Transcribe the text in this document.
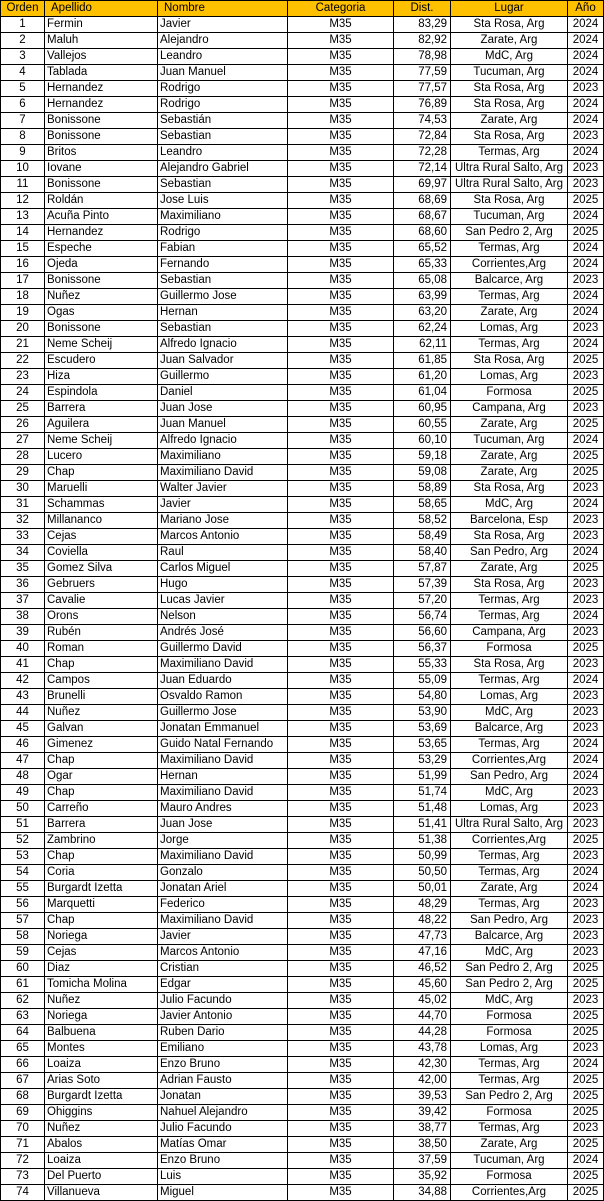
Orden	Apellido	Nombre	Categoria	Dist.	Lugar	Año
1	Fermin	Javier	M35	83,29	Sta Rosa, Arg	2024
2	Maluh	Alejandro	M35	82,92	Zarate, Arg	2024
3	Vallejos	Leandro	M35	78,98	MdC, Arg	2024
4	Tablada	Juan Manuel	M35	77,59	Tucuman, Arg	2024
5	Hernandez	Rodrigo	M35	77,57	Sta Rosa, Arg	2023
6	Hernandez	Rodrigo	M35	76,89	Sta Rosa, Arg	2024
7	Bonissone	Sebastián	M35	74,53	Zarate, Arg	2024
8	Bonissone	Sebastian	M35	72,84	Sta Rosa, Arg	2023
9	Britos	Leandro	M35	72,28	Termas, Arg	2024
10	Iovane	Alejandro Gabriel	M35	72,14	Ultra Rural Salto, Arg	2023
11	Bonissone	Sebastian	M35	69,97	Ultra Rural Salto, Arg	2023
12	Roldán	Jose Luis	M35	68,69	Sta Rosa, Arg	2025
13	Acuña Pinto	Maximiliano	M35	68,67	Tucuman, Arg	2024
14	Hernandez	Rodrigo	M35	68,60	San Pedro 2, Arg	2025
15	Espeche	Fabian	M35	65,52	Termas, Arg	2024
16	Ojeda	Fernando	M35	65,33	Corrientes,Arg	2024
17	Bonissone	Sebastian	M35	65,08	Balcarce, Arg	2023
18	Nuñez	Guillermo Jose	M35	63,99	Termas, Arg	2024
19	Ogas	Hernan	M35	63,20	Zarate, Arg	2024
20	Bonissone	Sebastian	M35	62,24	Lomas, Arg	2023
21	Neme Scheij	Alfredo Ignacio	M35	62,11	Termas, Arg	2024
22	Escudero	Juan Salvador	M35	61,85	Sta Rosa, Arg	2025
23	Hiza	Guillermo	M35	61,20	Lomas, Arg	2023
24	Espindola	Daniel	M35	61,04	Formosa	2025
25	Barrera	Juan Jose	M35	60,95	Campana, Arg	2023
26	Aguilera	Juan Manuel	M35	60,55	Zarate, Arg	2025
27	Neme Scheij	Alfredo Ignacio	M35	60,10	Tucuman, Arg	2024
28	Lucero	Maximiliano	M35	59,18	Zarate, Arg	2025
29	Chap	Maximiliano David	M35	59,08	Zarate, Arg	2025
30	Maruelli	Walter Javier	M35	58,89	Sta Rosa, Arg	2023
31	Schammas	Javier	M35	58,65	MdC, Arg	2024
32	Millananco	Mariano Jose	M35	58,52	Barcelona, Esp	2023
33	Cejas	Marcos Antonio	M35	58,49	Sta Rosa, Arg	2023
34	Coviella	Raul	M35	58,40	San Pedro, Arg	2024
35	Gomez Silva	Carlos Miguel	M35	57,87	Zarate, Arg	2025
36	Gebruers	Hugo	M35	57,39	Sta Rosa, Arg	2023
37	Cavalie	Lucas Javier	M35	57,20	Termas, Arg	2023
38	Orons	Nelson	M35	56,74	Termas, Arg	2024
39	Rubén	Andrés José	M35	56,60	Campana, Arg	2023
40	Roman	Guillermo David	M35	56,37	Formosa	2025
41	Chap	Maximiliano David	M35	55,33	Sta Rosa, Arg	2023
42	Campos	Juan Eduardo	M35	55,09	Termas, Arg	2024
43	Brunelli	Osvaldo Ramon	M35	54,80	Lomas, Arg	2023
44	Nuñez	Guillermo Jose	M35	53,90	MdC, Arg	2023
45	Galvan	Jonatan Emmanuel	M35	53,69	Balcarce, Arg	2023
46	Gimenez	Guido Natal Fernando	M35	53,65	Termas, Arg	2024
47	Chap	Maximiliano David	M35	53,29	Corrientes,Arg	2024
48	Ogar	Hernan	M35	51,99	San Pedro, Arg	2024
49	Chap	Maximiliano David	M35	51,74	MdC, Arg	2023
50	Carreño	Mauro Andres	M35	51,48	Lomas, Arg	2023
51	Barrera	Juan Jose	M35	51,41	Ultra Rural Salto, Arg	2023
52	Zambrino	Jorge	M35	51,38	Corrientes,Arg	2025
53	Chap	Maximiliano David	M35	50,99	Termas, Arg	2023
54	Coria	Gonzalo	M35	50,50	Termas, Arg	2024
55	Burgardt Izetta	Jonatan Ariel	M35	50,01	Zarate, Arg	2024
56	Marquetti	Federico	M35	48,29	Termas, Arg	2023
57	Chap	Maximiliano David	M35	48,22	San Pedro, Arg	2023
58	Noriega	Javier	M35	47,73	Balcarce, Arg	2023
59	Cejas	Marcos Antonio	M35	47,16	MdC, Arg	2023
60	Diaz	Cristian	M35	46,52	San Pedro 2, Arg	2025
61	Tomicha Molina	Edgar	M35	45,60	San Pedro 2, Arg	2025
62	Nuñez	Julio Facundo	M35	45,02	MdC, Arg	2023
63	Noriega	Javier Antonio	M35	44,70	Formosa	2025
64	Balbuena	Ruben Dario	M35	44,28	Formosa	2025
65	Montes	Emiliano	M35	43,78	Lomas, Arg	2023
66	Loaiza	Enzo Bruno	M35	42,30	Termas, Arg	2024
67	Arias Soto	Adrian Fausto	M35	42,00	Termas, Arg	2025
68	Burgardt Izetta	Jonatan	M35	39,53	San Pedro 2, Arg	2025
69	Ohiggins	Nahuel Alejandro	M35	39,42	Formosa	2025
70	Nuñez	Julio Facundo	M35	38,77	Termas, Arg	2023
71	Abalos	Matías Omar	M35	38,50	Zarate, Arg	2025
72	Loaiza	Enzo Bruno	M35	37,59	Tucuman, Arg	2024
73	Del Puerto	Luis	M35	35,92	Formosa	2025
74	Villanueva	Miguel	M35	34,88	Corrientes,Arg	2025
